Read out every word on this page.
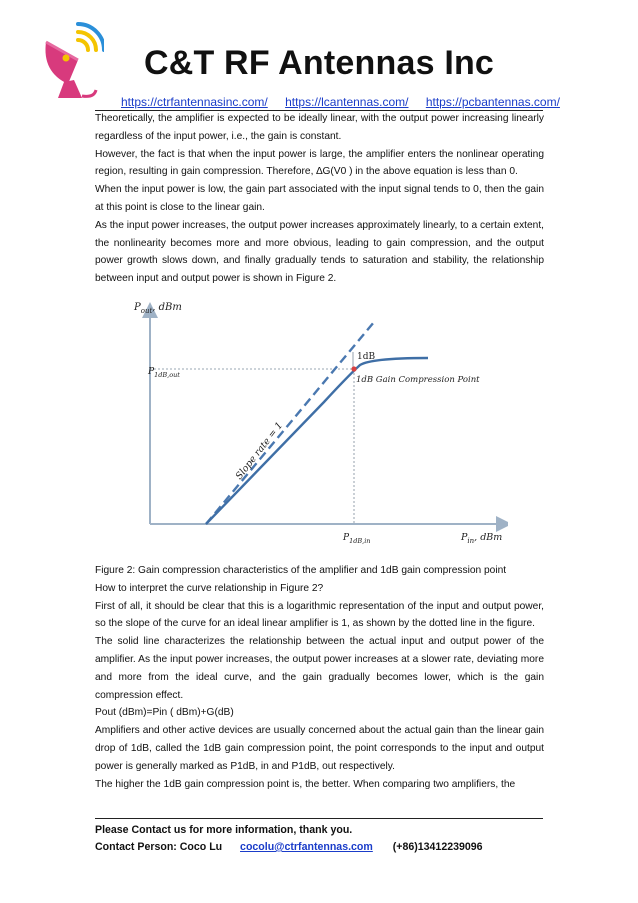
C&T RF Antennas Inc
https://ctrfantennasinc.com/ https://lcantennas.com/ https://pcbantennas.com/

Theoretically, the amplifier is expected to be ideally linear, with the output power increasing linearly regardless of the input power, i.e., the gain is constant.

However, the fact is that when the input power is large, the amplifier enters the nonlinear operating region, resulting in gain compression. Therefore, ∆G(V0 ) in the above equation is less than 0.

When the input power is low, the gain part associated with the input signal tends to 0, then the gain at this point is close to the linear gain.

As the input power increases, the output power increases approximately linearly, to a certain extent, the nonlinearity becomes more and more obvious, leading to gain compression, and the output power growth slows down, and finally gradually tends to saturation and stability, the relationship between input and output power is shown in Figure 2.

$P_{out}$, dBm
$P_{1dB,out}$
$P_{1dB,in}$	$P_{in}$, dBm
1dB
1dB Gain Compression Point
Slope rate = 1

Figure 2: Gain compression characteristics of the amplifier and 1dB gain compression point

How to interpret the curve relationship in Figure 2?

First of all, it should be clear that this is a logarithmic representation of the input and output power, so the slope of the curve for an ideal linear amplifier is 1, as shown by the dotted line in the figure.

The solid line characterizes the relationship between the actual input and output power of the amplifier. As the input power increases, the output power increases at a slower rate, deviating more and more from the ideal curve, and the gain gradually becomes lower, which is the gain compression effect.

Pout (dBm)=Pin ( dBm)+G(dB)

Amplifiers and other active devices are usually concerned about the actual gain than the linear gain drop of 1dB, called the 1dB gain compression point, the point corresponds to the input and output power is generally marked as P1dB, in and P1dB, out respectively.

The higher the 1dB gain compression point is, the better. When comparing two amplifiers, the

Please Contact us for more information, thank you.
Contact Person: Coco Lu cocolu@ctrfantennas.com (+86)13412239096
